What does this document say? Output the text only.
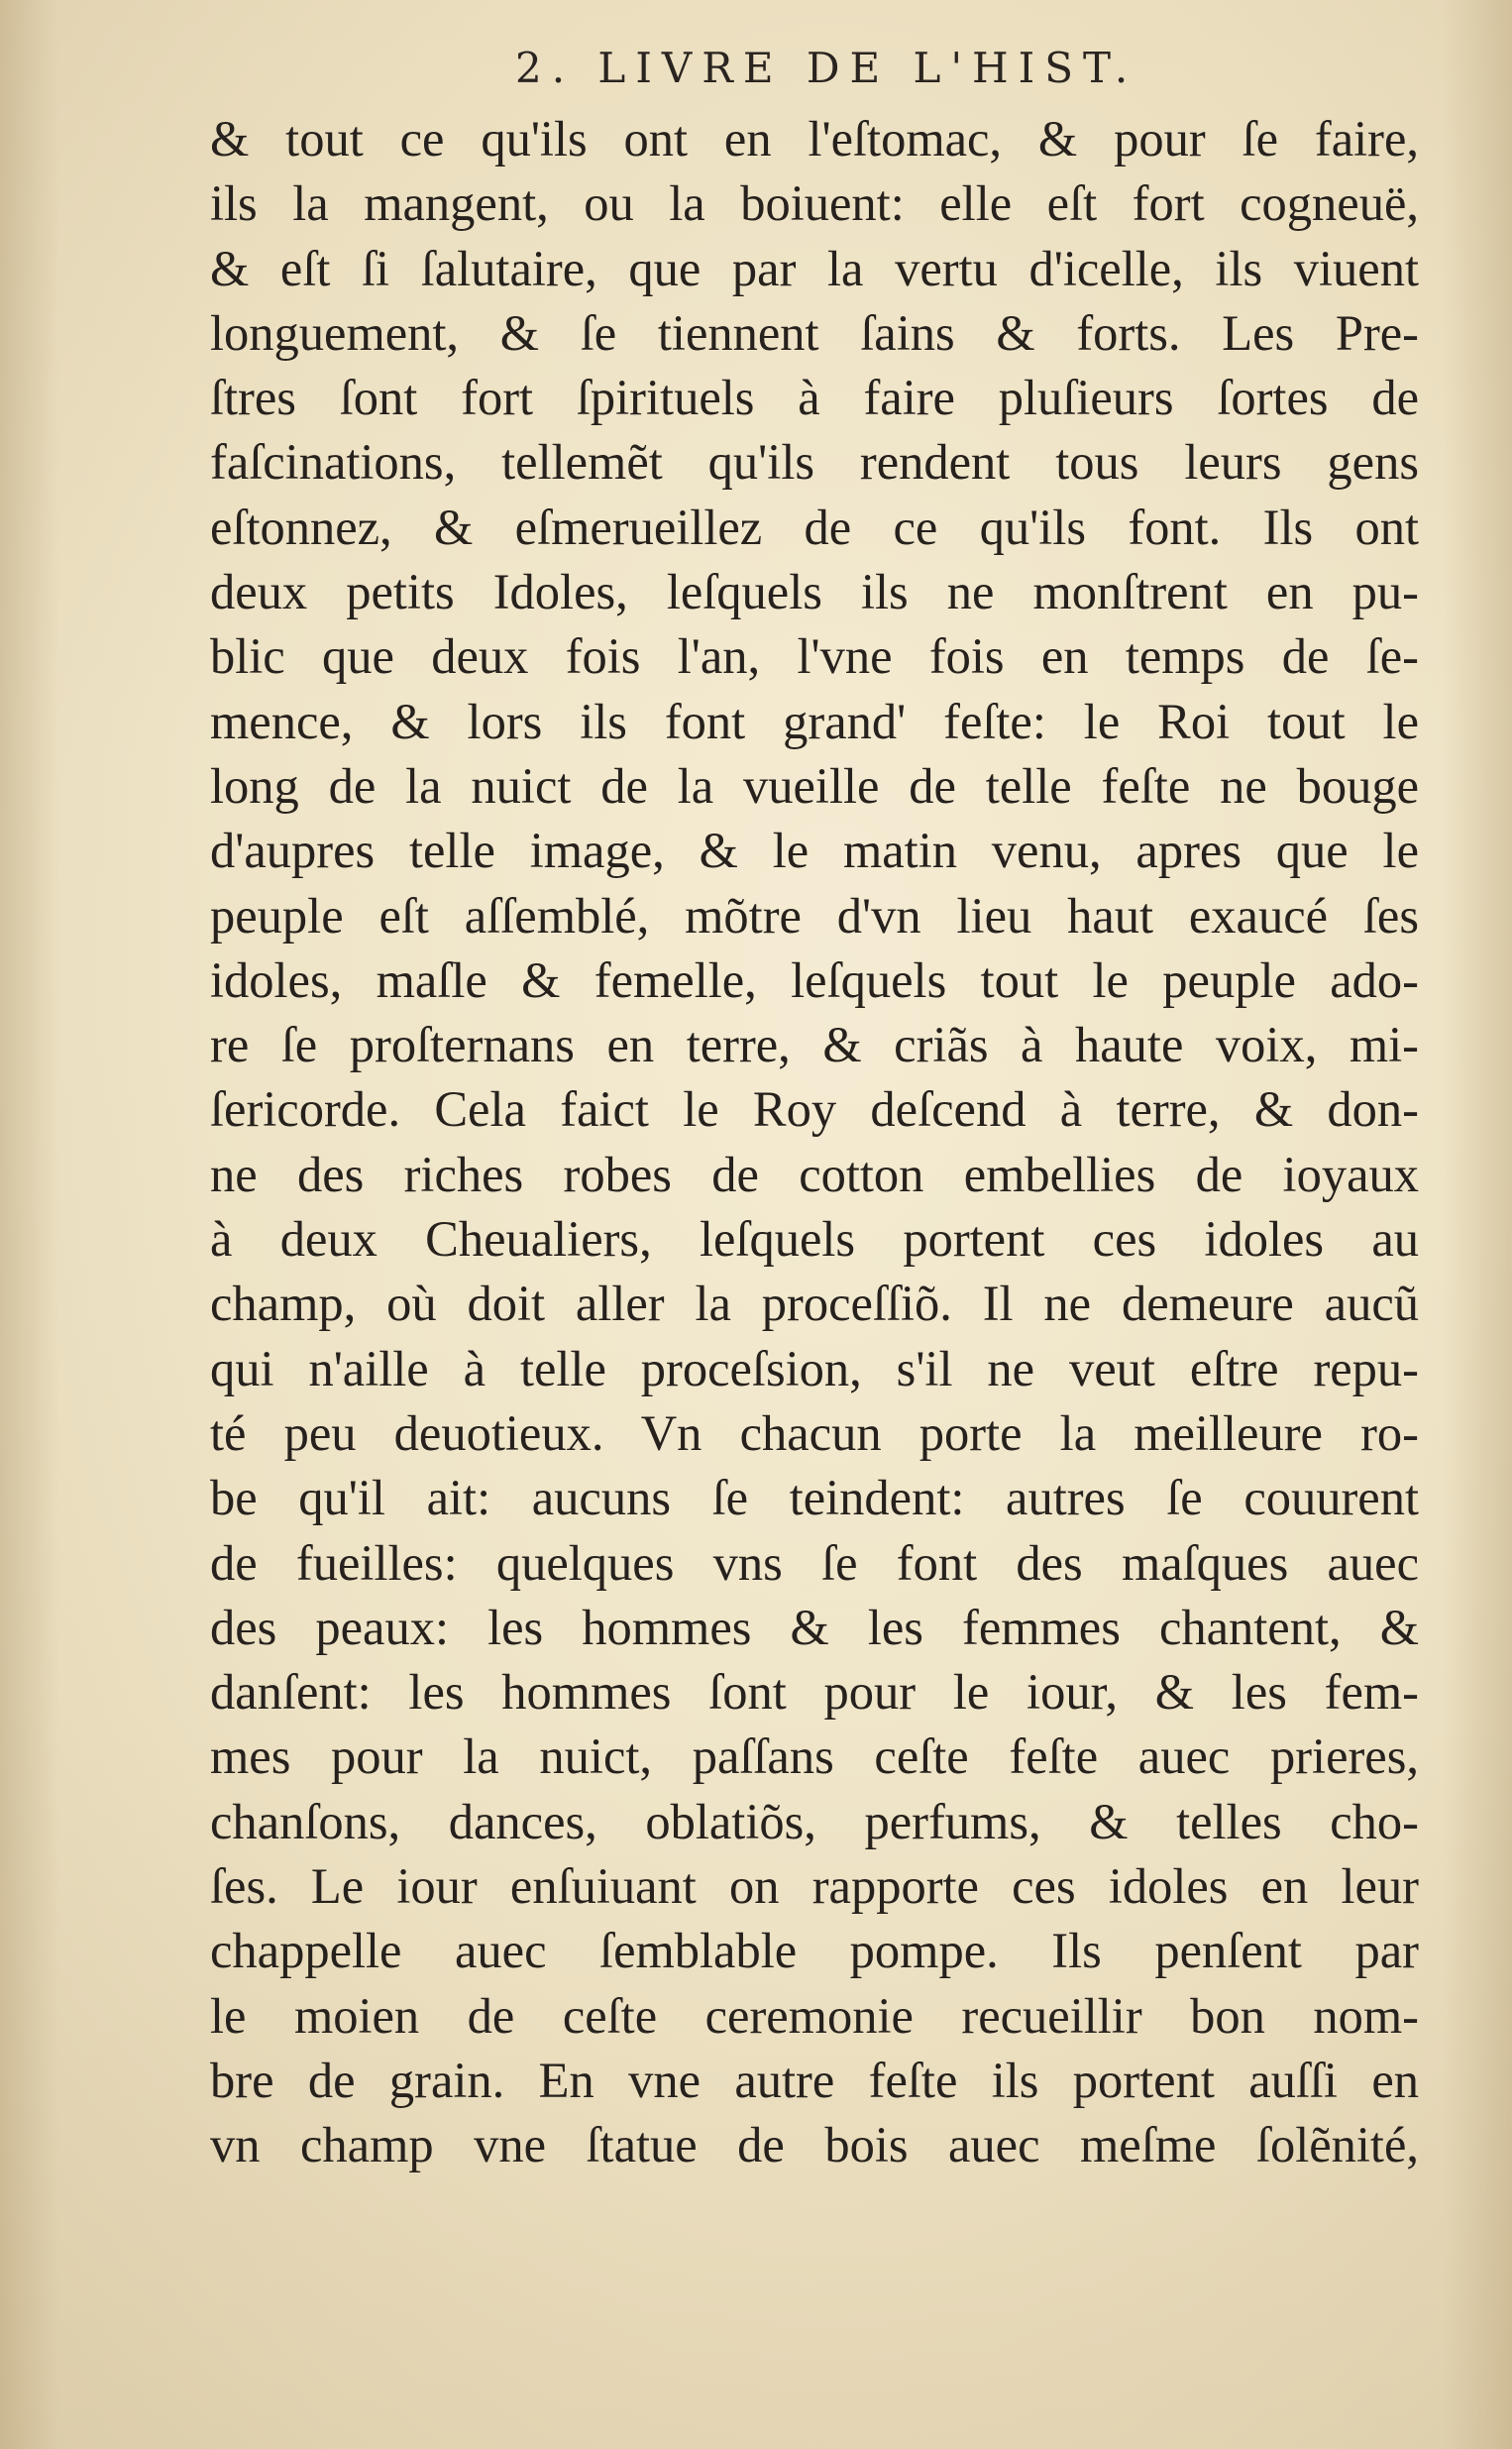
2. LIVRE DE L'HIST.
& tout ce qu'ils ont en l'eſtomac, & pour ſe faire,
ils la mangent, ou la boiuent: elle eſt fort cogneuë,
& eſt ſi ſalutaire, que par la vertu d'icelle, ils viuent
longuement, & ſe tiennent ſains & forts. Les Pre-
ſtres ſont fort ſpirituels à faire pluſieurs ſortes de
faſcinations, tellemẽt qu'ils rendent tous leurs gens
eſtonnez, & eſmerueillez de ce qu'ils font. Ils ont
deux petits Idoles, leſquels ils ne monſtrent en pu-
blic que deux fois l'an, l'vne fois en temps de ſe-
mence, & lors ils font grand' feſte: le Roi tout le
long de la nuict de la vueille de telle feſte ne bouge
d'aupres telle image, & le matin venu, apres que le
peuple eſt aſſemblé, mõtre d'vn lieu haut exaucé ſes
idoles, maſle & femelle, leſquels tout le peuple ado-
re ſe proſternans en terre, & criãs à haute voix, mi-
ſericorde. Cela faict le Roy deſcend à terre, & don-
ne des riches robes de cotton embellies de ioyaux
à deux Cheualiers, leſquels portent ces idoles au
champ, où doit aller la proceſſiõ. Il ne demeure aucũ
qui n'aille à telle proceſsion, s'il ne veut eſtre repu-
té peu deuotieux. Vn chacun porte la meilleure ro-
be qu'il ait: aucuns ſe teindent: autres ſe couurent
de fueilles: quelques vns ſe font des maſques auec
des peaux: les hommes & les femmes chantent, &
danſent: les hommes ſont pour le iour, & les fem-
mes pour la nuict, paſſans ceſte feſte auec prieres,
chanſons, dances, oblatiõs, perfums, & telles cho-
ſes. Le iour enſuiuant on rapporte ces idoles en leur
chappelle auec ſemblable pompe. Ils penſent par
le moien de ceſte ceremonie recueillir bon nom-
bre de grain. En vne autre feſte ils portent auſſi en
vn champ vne ſtatue de bois auec meſme ſolẽnité,
